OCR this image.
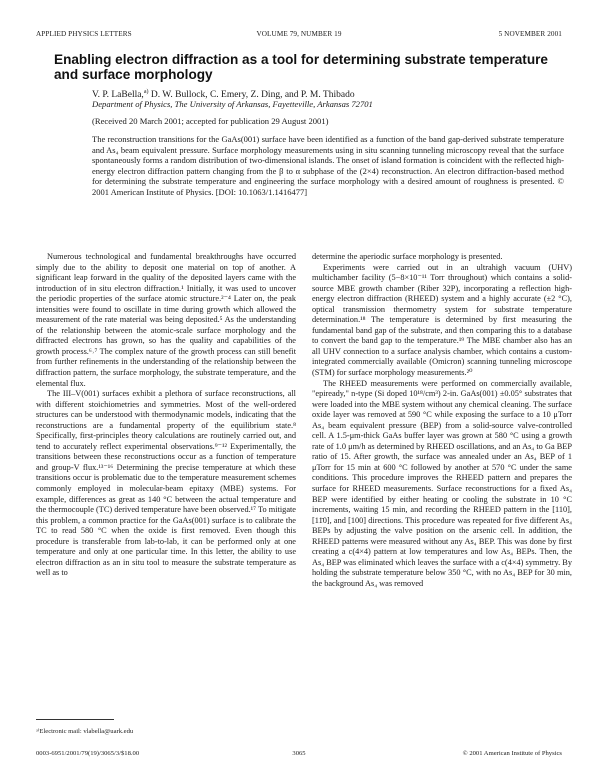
APPLIED PHYSICS LETTERS	VOLUME 79, NUMBER 19	5 NOVEMBER 2001
Enabling electron diffraction as a tool for determining substrate temperature and surface morphology
V. P. LaBella,$^{a)}$ D. W. Bullock, C. Emery, Z. Ding, and P. M. Thibado
Department of Physics, The University of Arkansas, Fayetteville, Arkansas 72701
(Received 20 March 2001; accepted for publication 29 August 2001)

The reconstruction transitions for the GaAs(001) surface have been identified as a function of the band gap-derived substrate temperature and As₄ beam equivalent pressure. Surface morphology measurements using in situ scanning tunneling microscopy reveal that the surface spontaneously forms a random distribution of two-dimensional islands. The onset of island formation is coincident with the reflected high-energy electron diffraction pattern changing from the β to α subphase of the (2×4) reconstruction. An electron diffraction-based method for determining the substrate temperature and engineering the surface morphology with a desired amount of roughness is presented. © 2001 American Institute of Physics. [DOI: 10.1063/1.1416477]

Numerous technological and fundamental breakthroughs have occurred simply due to the ability to deposit one material on top of another. A significant leap forward in the quality of the deposited layers came with the introduction of in situ electron diffraction.¹ Initially, it was used to uncover the periodic properties of the surface atomic structure.²⁻⁴ Later on, the peak intensities were found to oscillate in time during growth which allowed the measurement of the rate material was being deposited.⁵ As the understanding of the relationship between the atomic-scale surface morphology and the diffracted electrons has grown, so has the quality and capabilities of the growth process.⁶˒⁷ The complex nature of the growth process can still benefit from further refinements in the understanding of the relationship between the diffraction pattern, the surface morphology, the substrate temperature, and the elemental flux.

The III–V(001) surfaces exhibit a plethora of surface reconstructions, all with different stoichiometries and symmetries. Most of the well-ordered structures can be understood with thermodynamic models, indicating that the reconstructions are a fundamental property of the equilibrium state.⁸ Specifically, first-principles theory calculations are routinely carried out, and tend to accurately reflect experimental observations.⁹⁻¹² Experimentally, the transitions between these reconstructions occur as a function of temperature and group-V flux.¹³⁻¹⁶ Determining the precise temperature at which these transitions occur is problematic due to the temperature measurement schemes commonly employed in molecular-beam epitaxy (MBE) systems. For example, differences as great as 140 °C between the actual temperature and the thermocouple (TC) derived temperature have been observed.¹⁷ To mitigate this problem, a common practice for the GaAs(001) surface is to calibrate the TC to read 580 °C when the oxide is first removed. Even though this procedure is transferable from lab-to-lab, it can be performed only at one temperature and only at one particular time. In this letter, the ability to use electron diffraction as an in situ tool to measure the substrate temperature as well as to

determine the aperiodic surface morphology is presented.

Experiments were carried out in an ultrahigh vacuum (UHV) multichamber facility (5−8×10⁻¹¹ Torr throughout) which contains a solid-source MBE growth chamber (Riber 32P), incorporating a reflection high-energy electron diffraction (RHEED) system and a highly accurate (±2 °C), optical transmission thermometry system for substrate temperature determination.¹⁸ The temperature is determined by first measuring the fundamental band gap of the substrate, and then comparing this to a database to convert the band gap to the temperature.¹⁹ The MBE chamber also has an all UHV connection to a surface analysis chamber, which contains a custom-integrated commercially available (Omicron) scanning tunneling microscope (STM) for surface morphology measurements.²⁰

The RHEED measurements were performed on commercially available, "epiready," n-type (Si doped 10¹⁸/cm³) 2-in. GaAs(001) ±0.05° substrates that were loaded into the MBE system without any chemical cleaning. The surface oxide layer was removed at 590 °C while exposing the surface to a 10 μTorr As₄ beam equivalent pressure (BEP) from a solid-source valve-controlled cell. A 1.5-μm-thick GaAs buffer layer was grown at 580 °C using a growth rate of 1.0 μm/h as determined by RHEED oscillations, and an As₄ to Ga BEP ratio of 15. After growth, the surface was annealed under an As₄ BEP of 1 μTorr for 15 min at 600 °C followed by another at 570 °C under the same conditions. This procedure improves the RHEED pattern and prepares the surface for RHEED measurements. Surface reconstructions for a fixed As₄ BEP were identified by either heating or cooling the substrate in 10 °C increments, waiting 15 min, and recording the RHEED pattern in the [110], [11̄0], and [100] directions. This procedure was repeated for five different As₄ BEPs by adjusting the valve position on the arsenic cell. In addition, the RHEED patterns were measured without any As₄ BEP. This was done by first creating a c(4×4) pattern at low temperatures and low As₄ BEPs. Then, the As₄ BEP was eliminated which leaves the surface with a c(4×4) symmetry. By holding the substrate temperature below 350 °C, with no As₄ BEP for 30 min, the background As₄ was removed

ᵃ⁾Electronic mail: vlabella@uark.edu
0003-6951/2001/79(19)/3065/3/$18.00	3065	© 2001 American Institute of Physics
